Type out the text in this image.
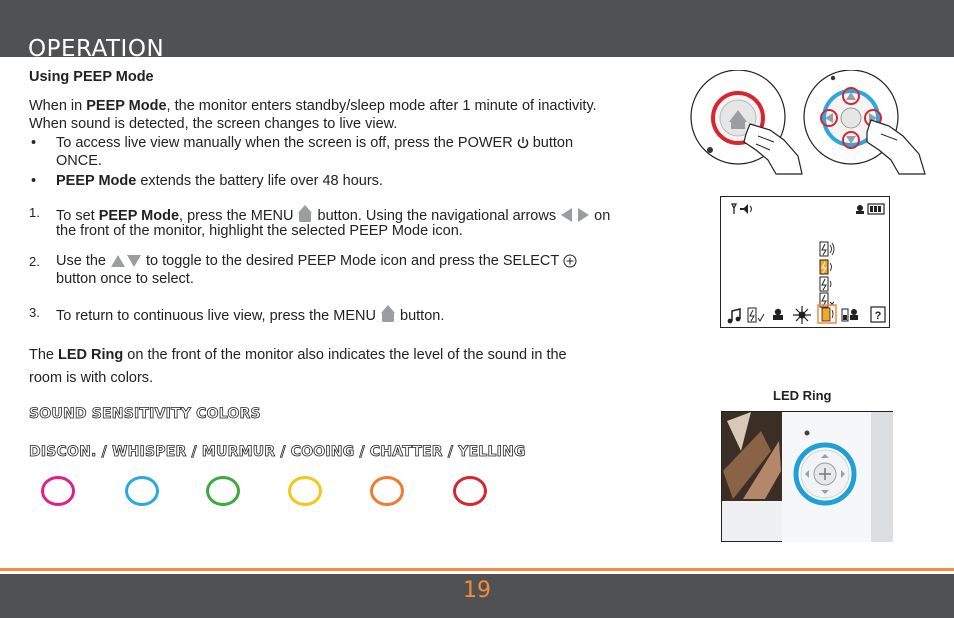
OPERATION
Using PEEP Mode
When in PEEP Mode, the monitor enters standby/sleep mode after 1 minute of inactivity.
When sound is detected, the screen changes to live view.
• To access live view manually when the screen is off, press the POWER  button
ONCE.
• PEEP Mode extends the battery life over 48 hours.
1. To set PEEP Mode, press the MENU  button. Using the navigational arrows  on
the front of the monitor, highlight the selected PEEP Mode icon.
2. Use the  to toggle to the desired PEEP Mode icon and press the SELECT
button once to select.
3. To return to continuous live view, press the MENU  button.
The LED Ring on the front of the monitor also indicates the level of the sound in the
room is with colors.
SOUND SENSITIVITY COLORS
DISCON. / WHISPER / MURMUR / COOING / CHATTER / YELLING
?
LED Ring
19
